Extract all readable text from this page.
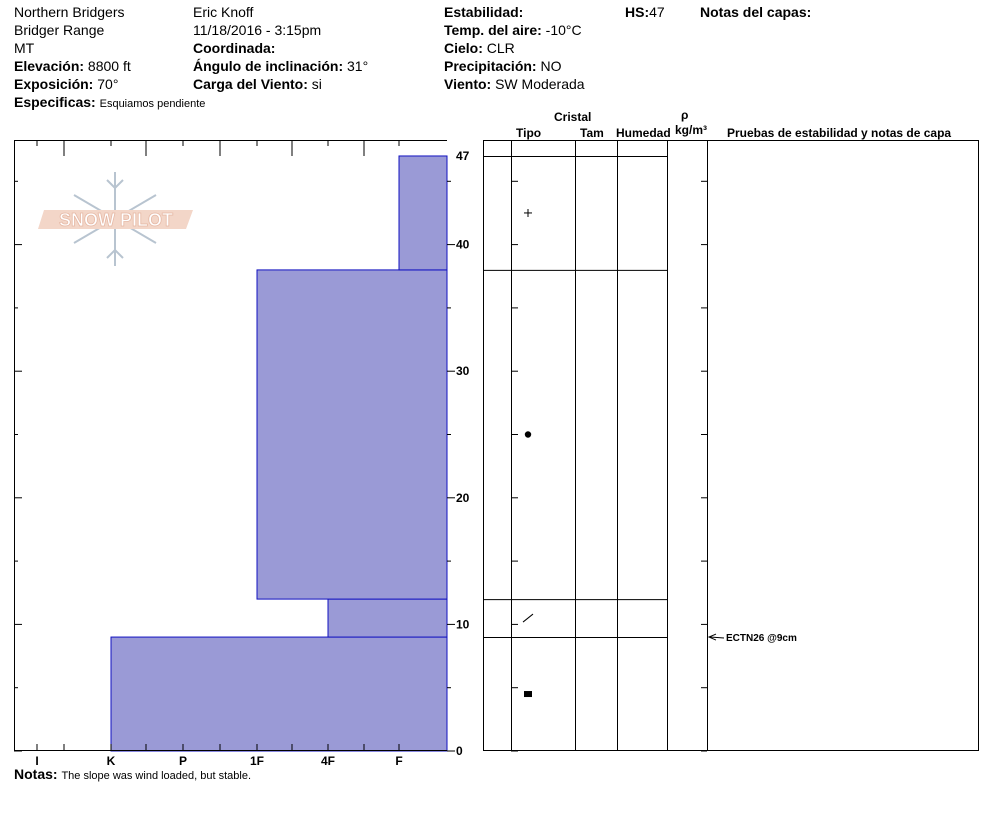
Northern Bridgers
Bridger Range
MT
Elevación: 8800 ft
Exposición: 70°
Especificas: Esquiamos pendiente
Eric Knoff
11/18/2016 - 3:15pm
Coordinada:
Ángulo de inclinación: 31°
Carga del Viento: si
Estabilidad:
Temp. del aire: -10°C
Cielo: CLR
Precipitación: NO
Viento: SW Moderada
HS:47	Notas del capas:
Cristal
Tipo	Tam Humedad
ρ
kg/m³ Pruebas de estabilidad y notas de capa
SNOW PILOT
I	K	P	1F	4F	F
0
10
20
30
40
47
ECTN26 @9cm
Notas: The slope was wind loaded, but stable.
